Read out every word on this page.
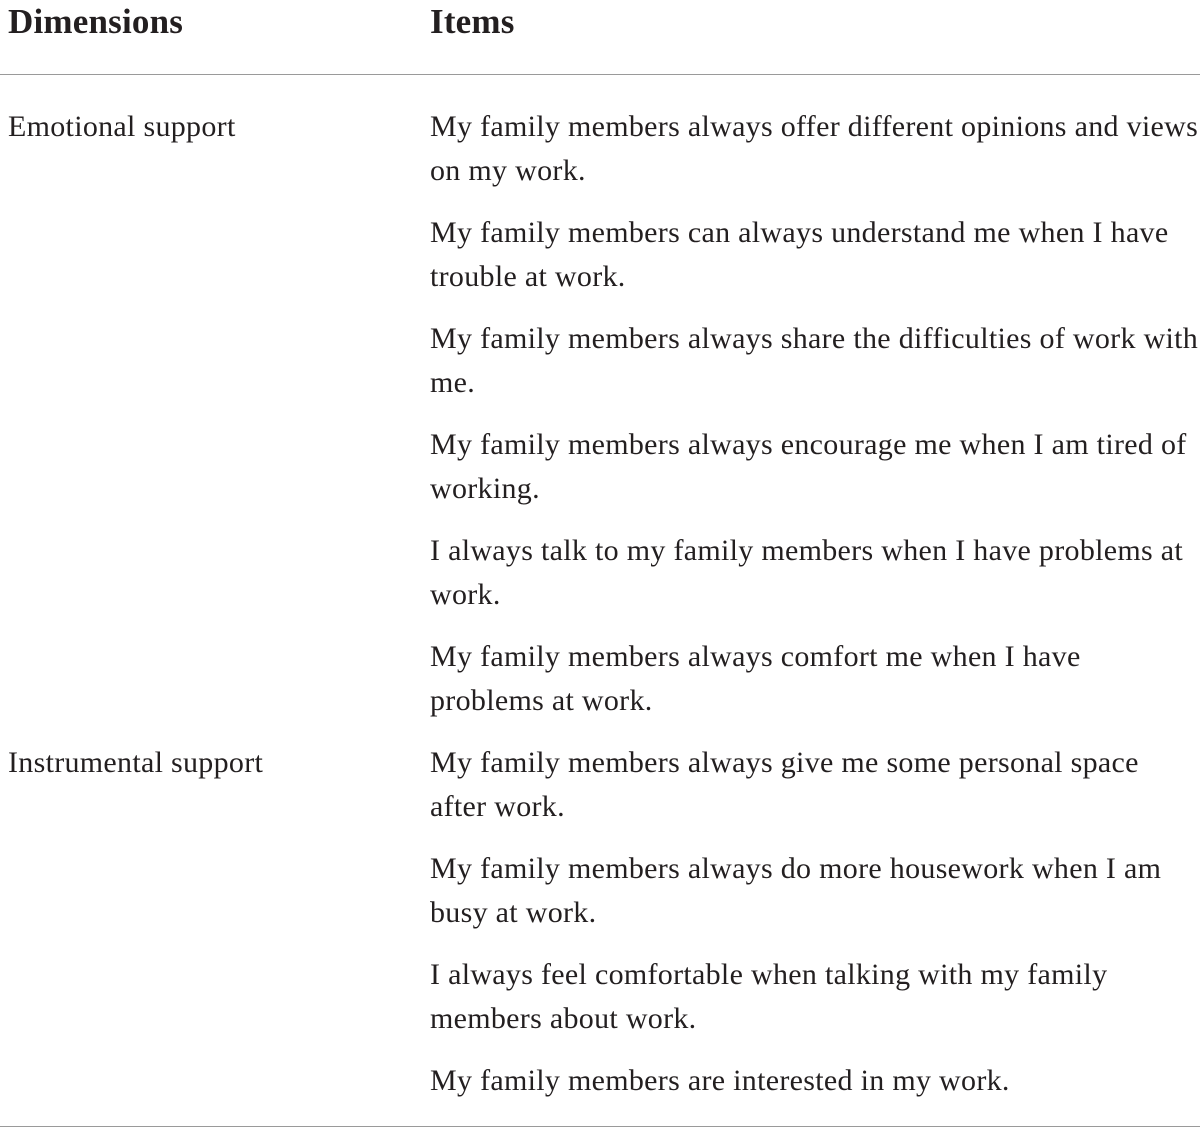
Dimensions	Items
Emotional support	My family members always offer different opinions and views on my work.
My family members can always understand me when I have trouble at work.
My family members always share the difficulties of work with me.
My family members always encourage me when I am tired of working.
I always talk to my family members when I have problems at work.
My family members always comfort me when I have problems at work.
Instrumental support	My family members always give me some personal space after work.
My family members always do more housework when I am busy at work.
I always feel comfortable when talking with my family members about work.
My family members are interested in my work.
